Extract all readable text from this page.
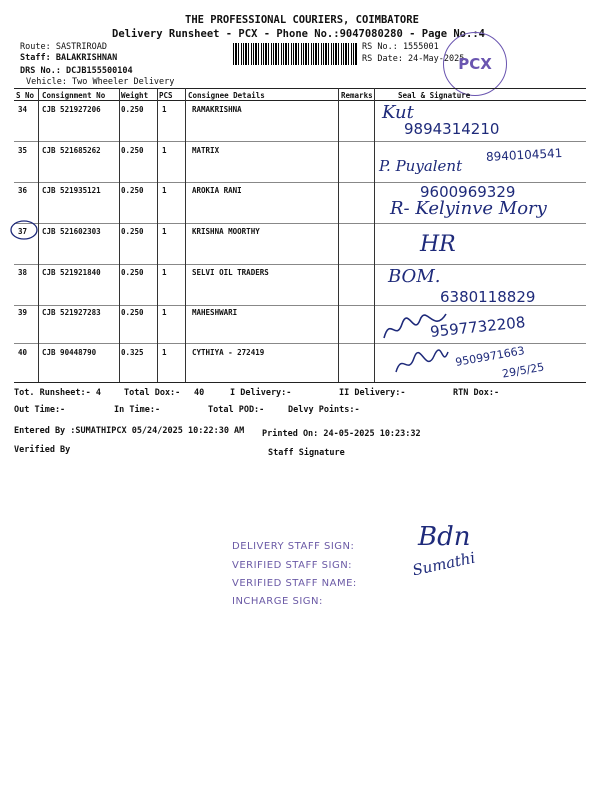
THE PROFESSIONAL COURIERS, COIMBATORE
Delivery Runsheet - PCX - Phone No.:9047080280 - Page No.:4
Route: SASTRIROAD
Staff: BALAKRISHNAN
DRS No.: DCJB155500104
Vehicle: Two Wheeler Delivery
RS No.: 1555001
RS Date: 24-May-2025
PCX
S No Consignment No Weight PCS Consignee Details	Remarks	Seal & Signature
34 CJB 521927206	0.250 1	RAMAKRISHNA
35 CJB 521685262	0.250 1	MATRIX
36 CJB 521935121	0.250 1	AROKIA RANI
37 CJB 521602303	0.250 1	KRISHNA MOORTHY
38 CJB 521921840	0.250 1	SELVI OIL TRADERS
39 CJB 521927283	0.250 1	MAHESHWARI
40 CJB 90448790	0.325 1	CYTHIYA - 272419
Kut
9894314210
P. Puyalent
8940104541
9600969329
R- Kelyinve Mory
HR
BOM.
6380118829
9597732208
9509971663
29/5/25
Tot. Runsheet:- 4	Total Dox:- 40	I Delivery:-	II Delivery:-	RTN Dox:-
Out Time:-	In Time:-	Total POD:-	Delvy Points:-
Entered By :SUMATHIPCX 05/24/2025 10:22:30 AM Printed On: 24-05-2025 10:23:32
Verified By	Staff Signature
DELIVERY STAFF SIGN:
VERIFIED STAFF SIGN:
VERIFIED STAFF NAME:
INCHARGE SIGN:
Bdn
Sumathi
